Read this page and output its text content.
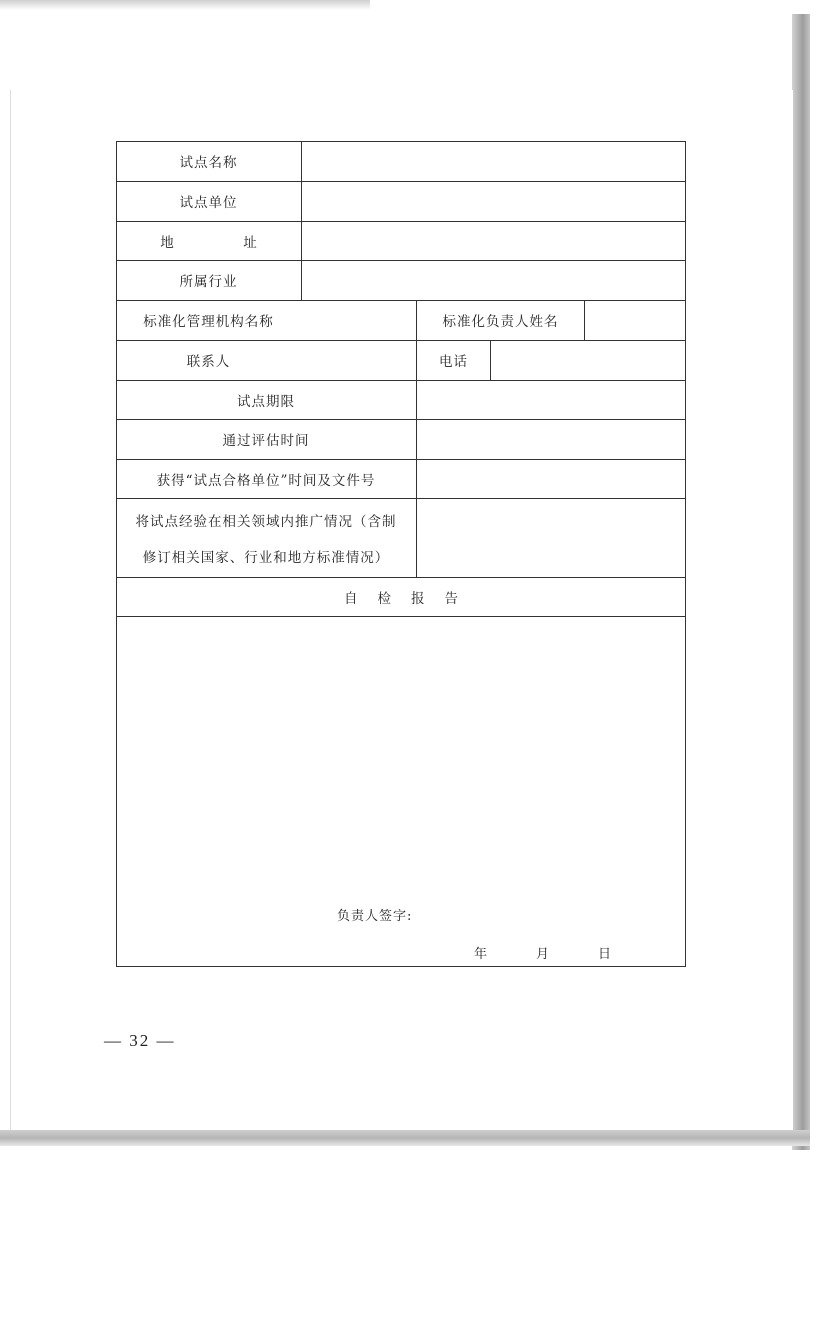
试点名称
试点单位
地　址
所属行业
标准化管理机构名称	标准化负责人姓名
联系人	电话
试点期限
通过评估时间
获得“试点合格单位”时间及文件号
将试点经验在相关领域内推广情况（含制
修订相关国家、行业和地方标准情况）
自检报告
负责人签字:
年	月	日
— 32 —
